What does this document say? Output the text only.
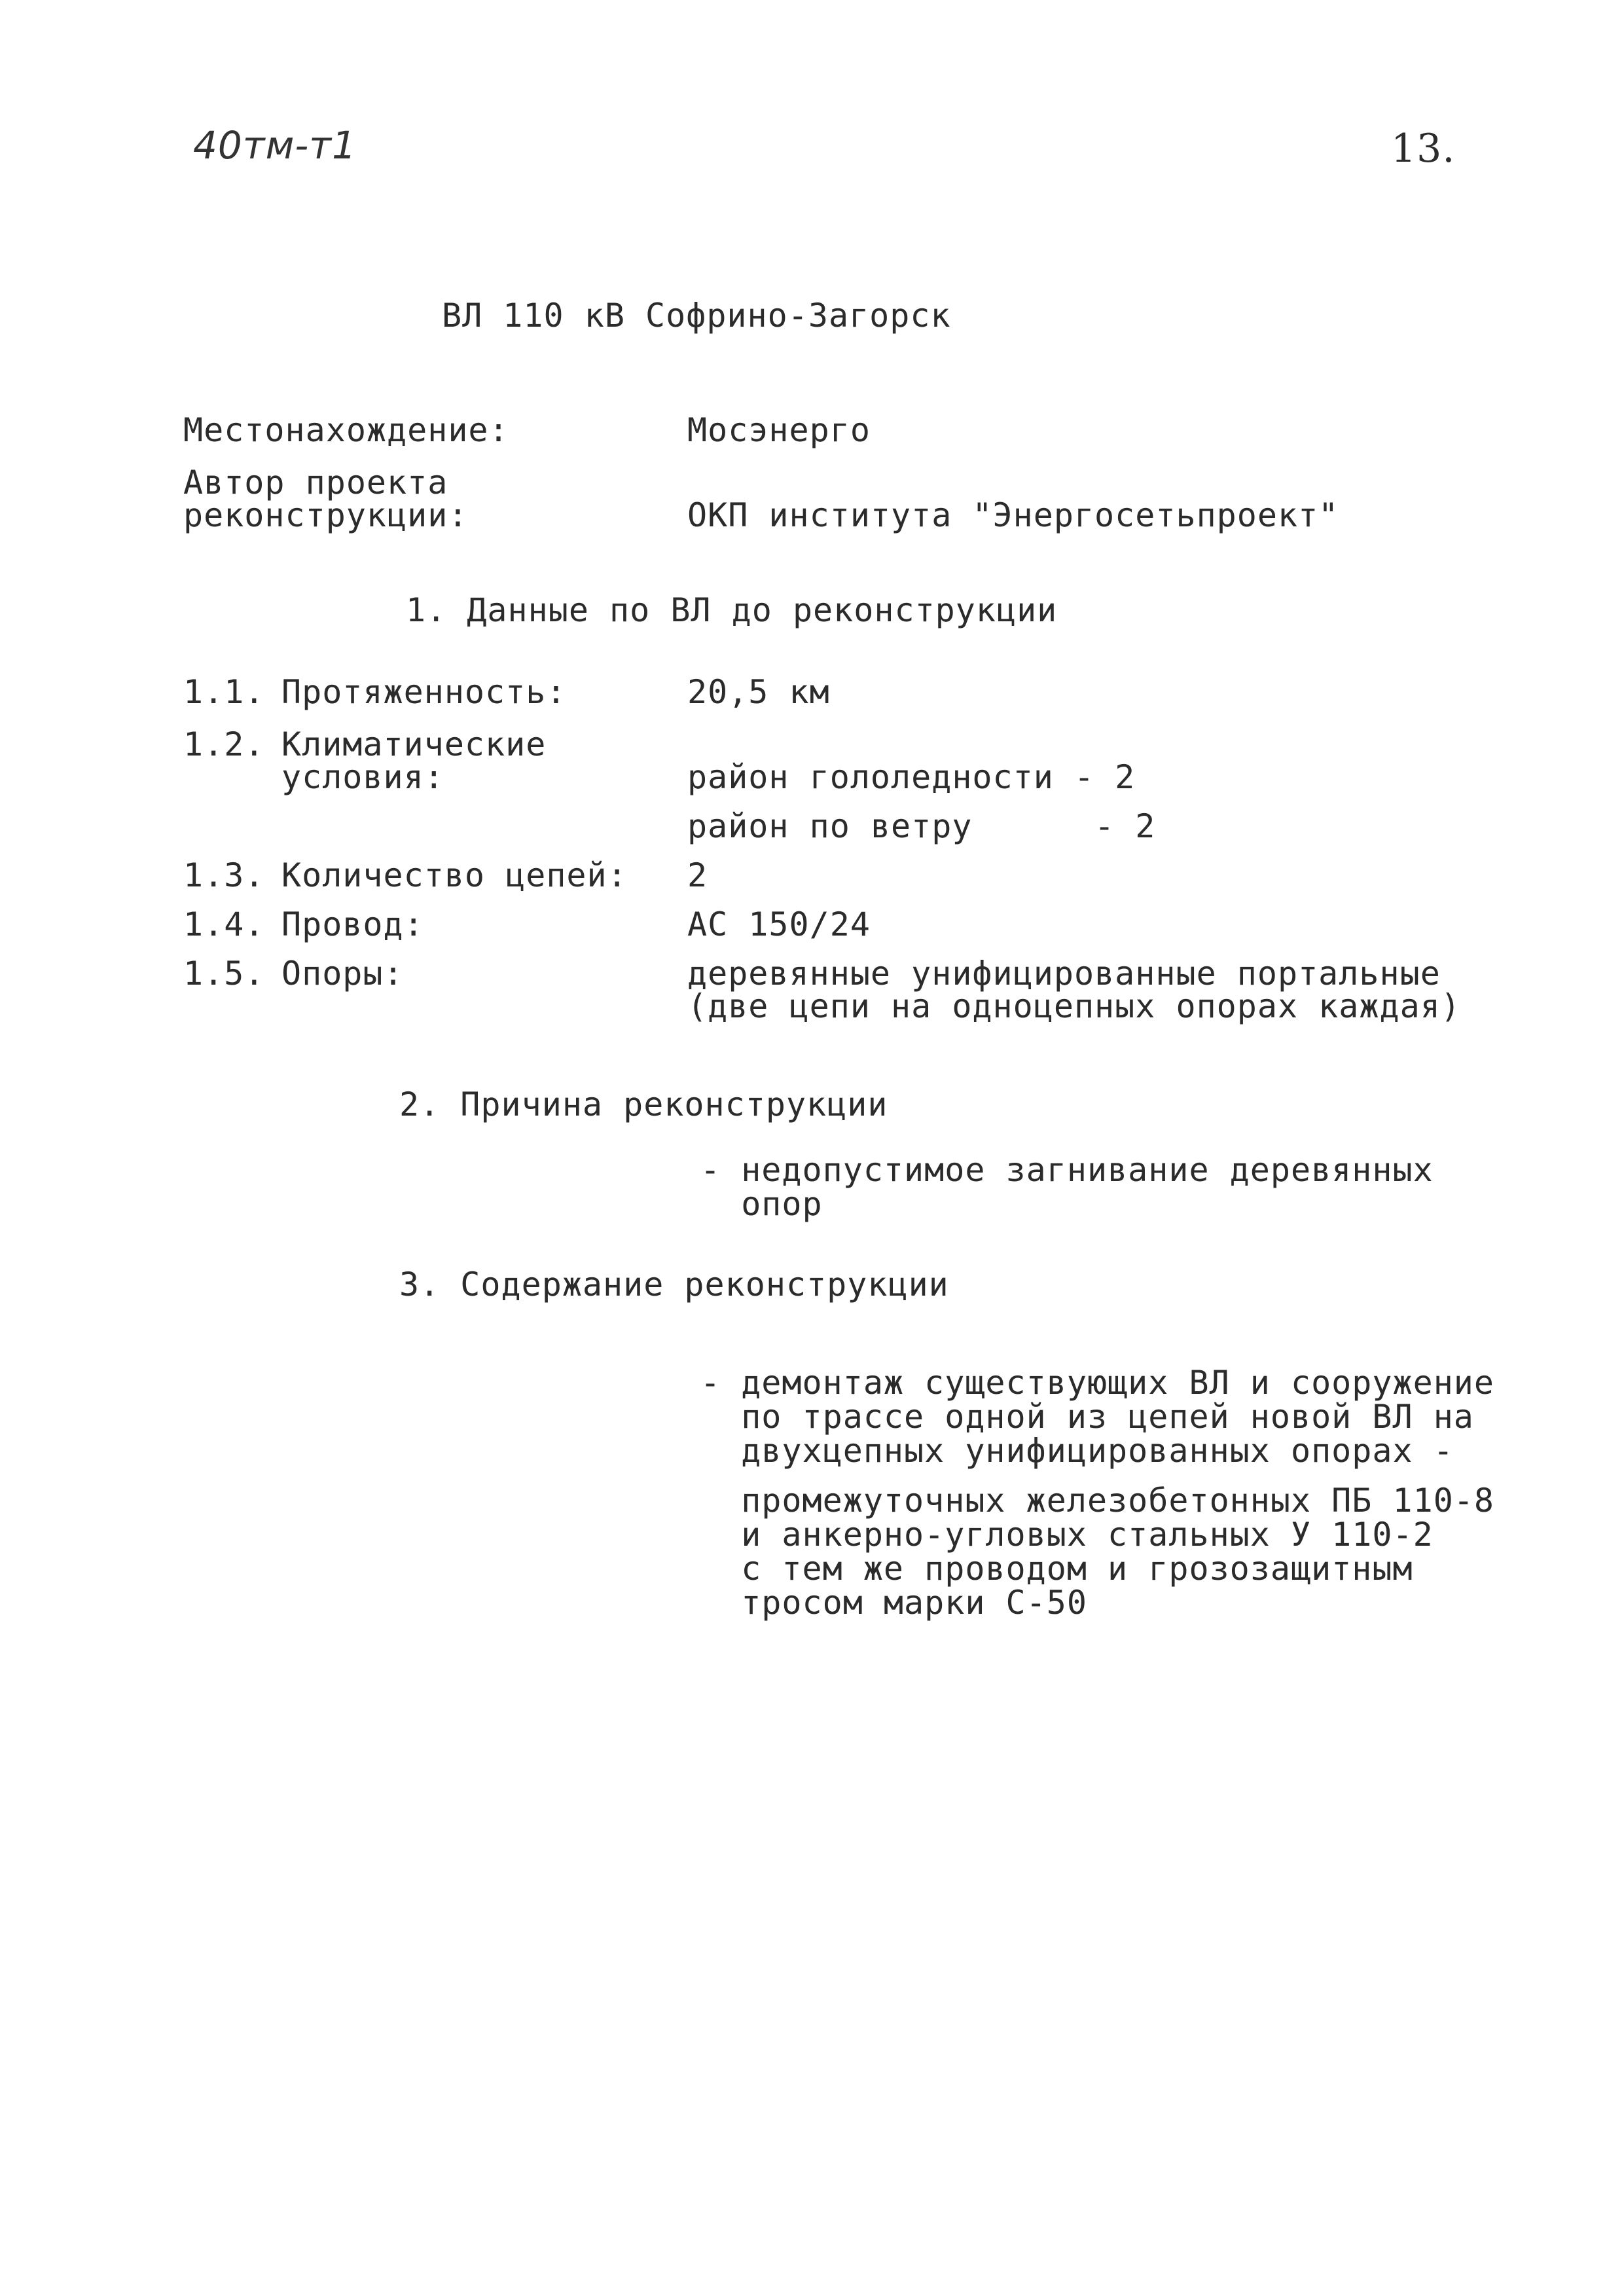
40тм-т1	13.
ВЛ 110 кВ Софрино-Загорск
Местонахождение:	Мосэнерго
Автор проекта
реконструкции:	ОКП института "Энергосетьпроект"
1. Данные по ВЛ до реконструкции
1.1. Протяженность:	20,5 км
1.2. Климатические
условия:	район гололедности - 2
район по ветру      - 2
1.3. Количество цепей: 2
1.4. Провод:	АС 150/24
1.5. Опоры:	деревянные унифицированные портальные
(две цепи на одноцепных опорах каждая)
2. Причина реконструкции
- недопустимое загнивание деревянных
опор
3. Содержание реконструкции
- демонтаж существующих ВЛ и сооружение
по трассе одной из цепей новой ВЛ на
двухцепных унифицированных опорах -
промежуточных железобетонных ПБ 110-8
и анкерно-угловых стальных У 110-2
с тем же проводом и грозозащитным
тросом марки С-50
